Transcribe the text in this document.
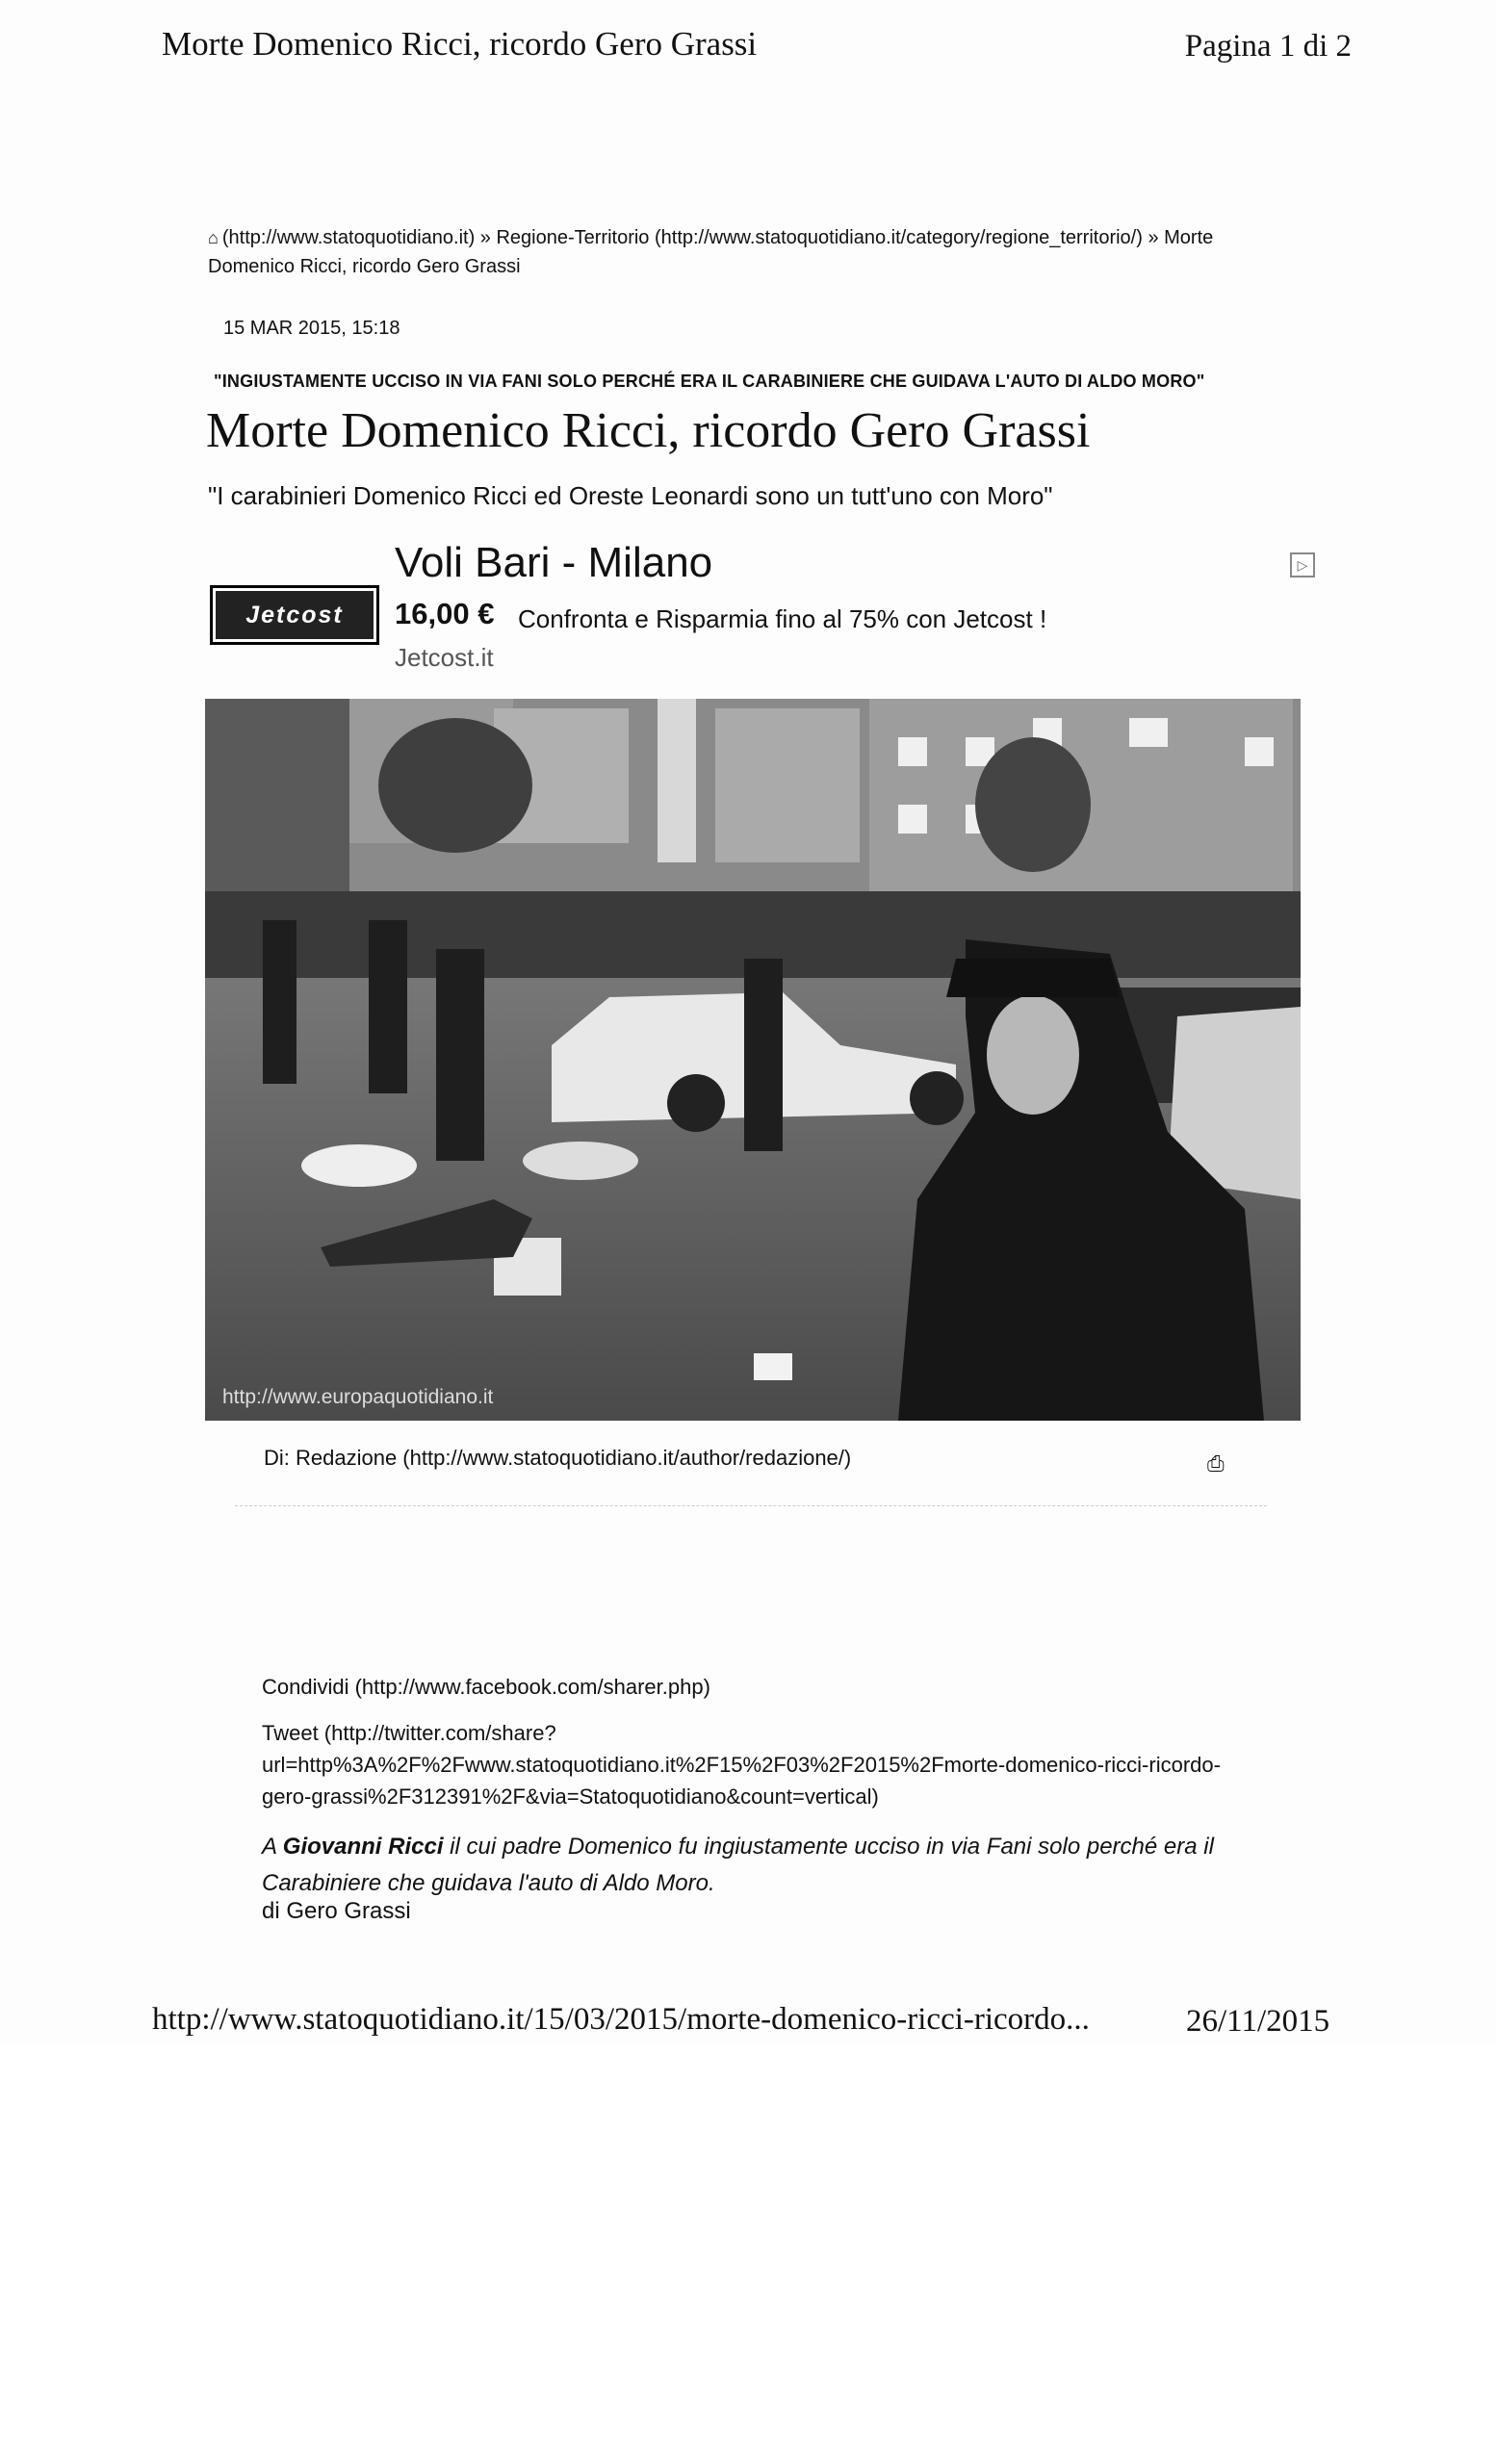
Morte Domenico Ricci, ricordo Gero Grassi	Pagina 1 di 2
⌂ (http://www.statoquotidiano.it) » Regione-Territorio (http://www.statoquotidiano.it/category/regione_territorio/) » Morte Domenico Ricci, ricordo Gero Grassi
15 MAR 2015, 15:18
"INGIUSTAMENTE UCCISO IN VIA FANI SOLO PERCHÉ ERA IL CARABINIERE CHE GUIDAVA L'AUTO DI ALDO MORO"
Morte Domenico Ricci, ricordo Gero Grassi
"I carabinieri Domenico Ricci ed Oreste Leonardi sono un tutt'uno con Moro"
Jetcost
Voli Bari - Milano
16,00 € Confronta e Risparmia fino al 75% con Jetcost !
Jetcost.it
▷
http://www.europaquotidiano.it
Di: Redazione (http://www.statoquotidiano.it/author/redazione/)	⎙
Condividi (http://www.facebook.com/sharer.php)
Tweet (http://twitter.com/share?url=http%3A%2F%2Fwww.statoquotidiano.it%2F15%2F03%2F2015%2Fmorte-domenico-ricci-ricordo-gero-grassi%2F312391%2F&via=Statoquotidiano&count=vertical)
A Giovanni Ricci il cui padre Domenico fu ingiustamente ucciso in via Fani solo perché era il Carabiniere che guidava l'auto di Aldo Moro.
di Gero Grassi
http://www.statoquotidiano.it/15/03/2015/morte-domenico-ricci-ricordo...	26/11/2015
